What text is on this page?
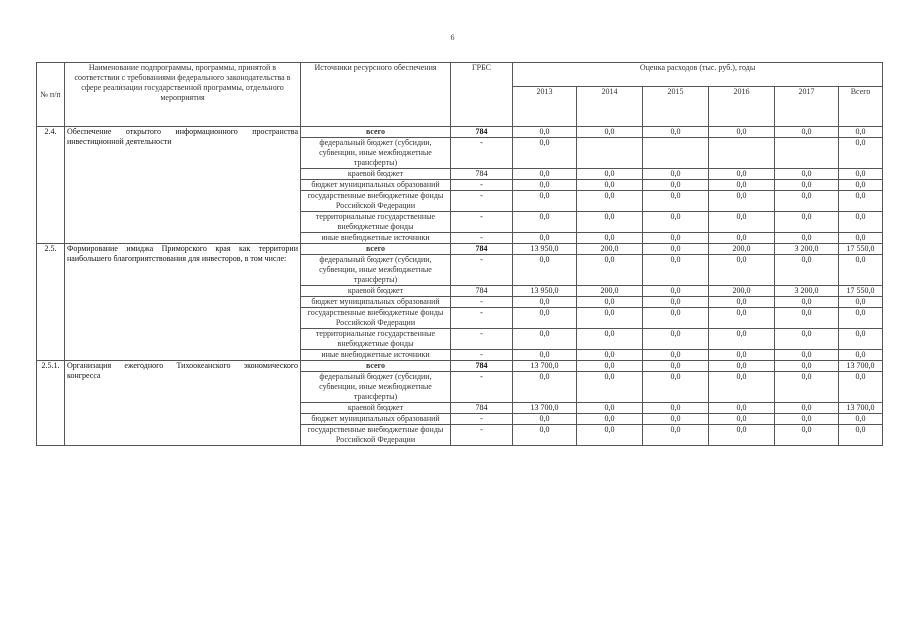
6
№ п/п	Наименование подпрограммы, программы, принятой в соответствии с требованиями федерального законодательства в сфере реализации государственной программы, отдельного мероприятия	Источники ресурсного обеспечения	ГРБС	Оценка расходов (тыс. руб.), годы					
				2013	2014	2015	2016	2017	Всего
2.4.	Обеспечение открытого информационного пространства инвестиционной деятельности	всего	784	0,0	0,0	0,0	0,0	0,0	0,0
		федеральный бюджет (субсидии, субвенции, иные межбюджетные трансферты)	-	0,0					0,0
		краевой бюджет	784	0,0	0,0	0,0	0,0	0,0	0,0
		бюджет муниципальных образований	-	0,0	0,0	0,0	0,0	0,0	0,0
		государственные внебюджетные фонды Российской Федерации	-	0,0	0,0	0,0	0,0	0,0	0,0
		территориальные государственные внебюджетные фонды	-	0,0	0,0	0,0	0,0	0,0	0,0
		иные внебюджетные источники	-	0,0	0,0	0,0	0,0	0,0	0,0
2.5.	Формирование имиджа Приморского края как территории наибольшего благоприятствования для инвесторов, в том числе:	всего	784	13 950,0	200,0	0,0	200,0	3 200,0	17 550,0
		федеральный бюджет (субсидии, субвенции, иные межбюджетные трансферты)	-	0,0	0,0	0,0	0,0	0,0	0,0
		краевой бюджет	784	13 950,0	200,0	0,0	200,0	3 200,0	17 550,0
		бюджет муниципальных образований	-	0,0	0,0	0,0	0,0	0,0	0,0
		государственные внебюджетные фонды Российской Федерации	-	0,0	0,0	0,0	0,0	0,0	0,0
		территориальные государственные внебюджетные фонды	-	0,0	0,0	0,0	0,0	0,0	0,0
		иные внебюджетные источники	-	0,0	0,0	0,0	0,0	0,0	0,0
2.5.1.	Организация ежегодного Тихоокеанского экономического конгресса	всего	784	13 700,0	0,0	0,0	0,0	0,0	13 700,0
		федеральный бюджет (субсидии, субвенции, иные межбюджетные трансферты)	-	0,0	0,0	0,0	0,0	0,0	0,0
		краевой бюджет	784	13 700,0	0,0	0,0	0,0	0,0	13 700,0
		бюджет муниципальных образований	-	0,0	0,0	0,0	0,0	0,0	0,0
		государственные внебюджетные фонды Российской Федерации	-	0,0	0,0	0,0	0,0	0,0	0,0
